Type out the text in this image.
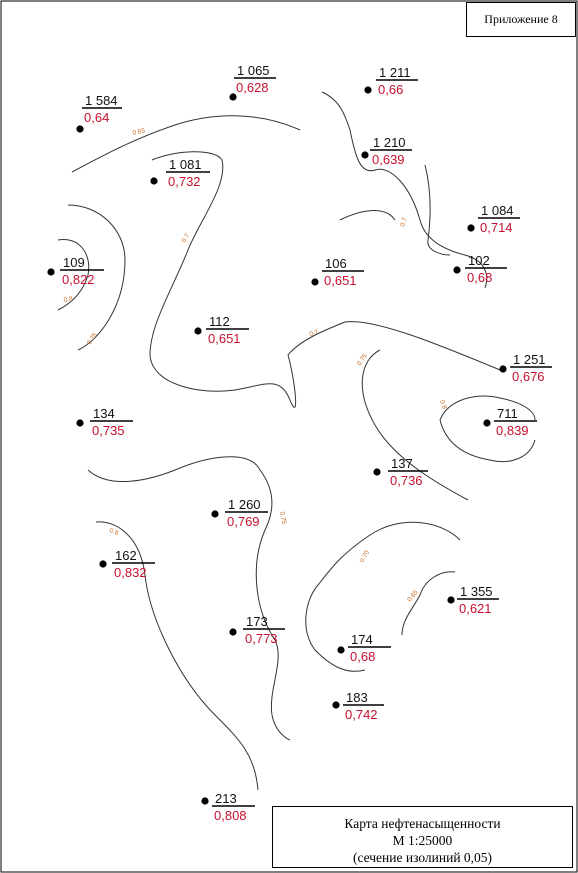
0.65
0.7
0.7
0.8
0.75	0.7
0.75
0.8
0.75
0.8
0.70
0.65
1 065
0,628
1 584
0,64
1 211
0,66
1 210
0,639
1 081
0,732
1 084
0,714
109
0,822
106
0,651
102
0,68
112
0,651
1 251
0,676
134
0,735
711
0,839
137
0,736
1 260
0,769
162
0,832
1 355
0,621
173
0,773	174
0,68
183
0,742
213
0,808
Приложение 8
Карта нефтенасыщенности
М 1:25000
(сечение изолиний 0,05)
